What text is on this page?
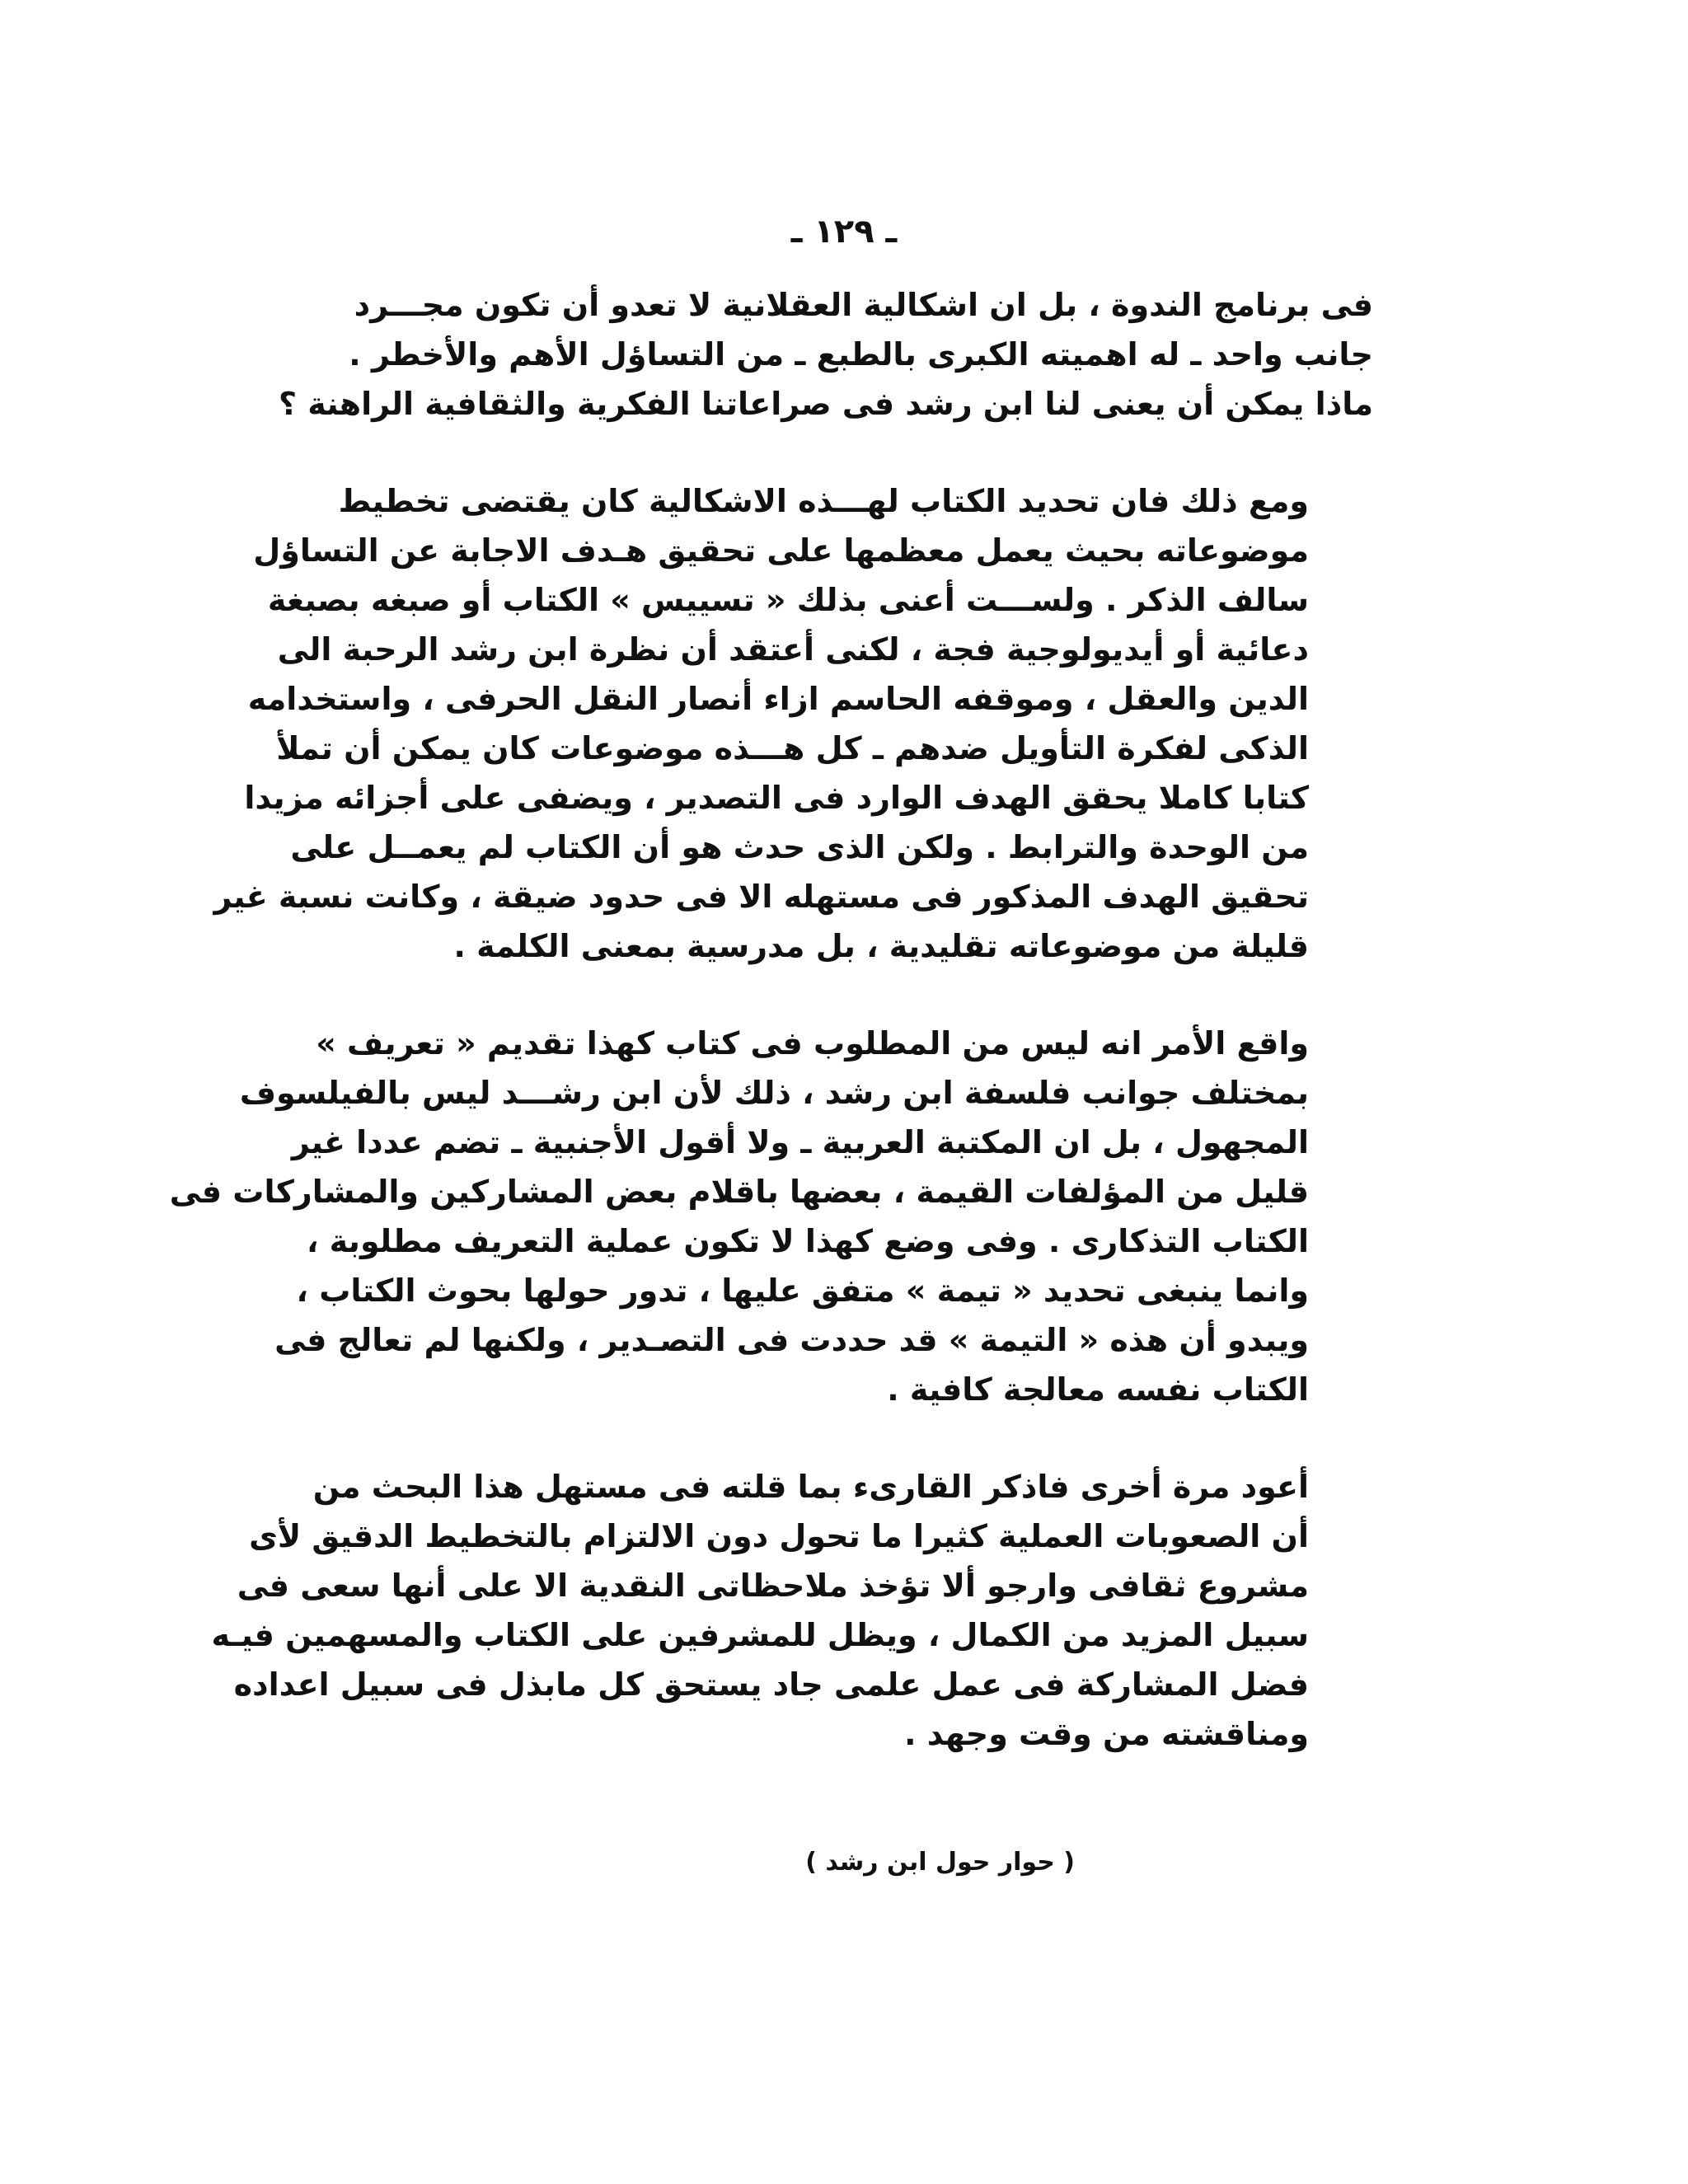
ـ ١٢٩ ـ
فى برنامج الندوة ، بل ان اشكالية العقلانية لا تعدو أن تكون مجـــرد
جانب واحد ـ له اهميته الكبرى بالطبع ـ من التساؤل الأهم والأخطر .
ماذا يمكن أن يعنى لنا ابن رشد فى صراعاتنا الفكرية والثقافية الراهنة ؟
ومع ذلك فان تحديد الكتاب لهـــذه الاشكالية كان يقتضى تخطيط
موضوعاته بحيث يعمل معظمها على تحقيق هـدف الاجابة عن التساؤل
سالف الذكر . ولســـت أعنى بذلك « تسييس » الكتاب أو صبغه بصبغة
دعائية أو أيديولوجية فجة ، لكنى أعتقد أن نظرة ابن رشد الرحبة الى
الدين والعقل ، وموقفه الحاسم ازاء أنصار النقل الحرفى ، واستخدامه
الذكى لفكرة التأويل ضدهم ـ كل هـــذه موضوعات كان يمكن أن تملأ
كتابا كاملا يحقق الهدف الوارد فى التصدير ، ويضفى على أجزائه مزيدا
من الوحدة والترابط . ولكن الذى حدث هو أن الكتاب لم يعمــل على
تحقيق الهدف المذكور فى مستهله الا فى حدود ضيقة ، وكانت نسبة غير
قليلة من موضوعاته تقليدية ، بل مدرسية بمعنى الكلمة .
واقع الأمر انه ليس من المطلوب فى كتاب كهذا تقديم « تعريف »
بمختلف جوانب فلسفة ابن رشد ، ذلك لأن ابن رشـــد ليس بالفيلسوف
المجهول ، بل ان المكتبة العربية ـ ولا أقول الأجنبية ـ تضم عددا غير
قليل من المؤلفات القيمة ، بعضها باقلام بعض المشاركين والمشاركات فى
الكتاب التذكارى . وفى وضع كهذا لا تكون عملية التعريف مطلوبة ،
وانما ينبغى تحديد « تيمة » متفق عليها ، تدور حولها بحوث الكتاب ،
ويبدو أن هذه « التيمة » قد حددت فى التصـدير ، ولكنها لم تعالج فى
الكتاب نفسه معالجة كافية .
أعود مرة أخرى فاذكر القارىء بما قلته فى مستهل هذا البحث من
أن الصعوبات العملية كثيرا ما تحول دون الالتزام بالتخطيط الدقيق لأى
مشروع ثقافى وارجو ألا تؤخذ ملاحظاتى النقدية الا على أنها سعى فى
سبيل المزيد من الكمال ، ويظل للمشرفين على الكتاب والمسهمين فيـه
فضل المشاركة فى عمل علمى جاد يستحق كل مابذل فى سبيل اعداده
ومناقشته من وقت وجهد .
( حوار حول ابن رشد )
